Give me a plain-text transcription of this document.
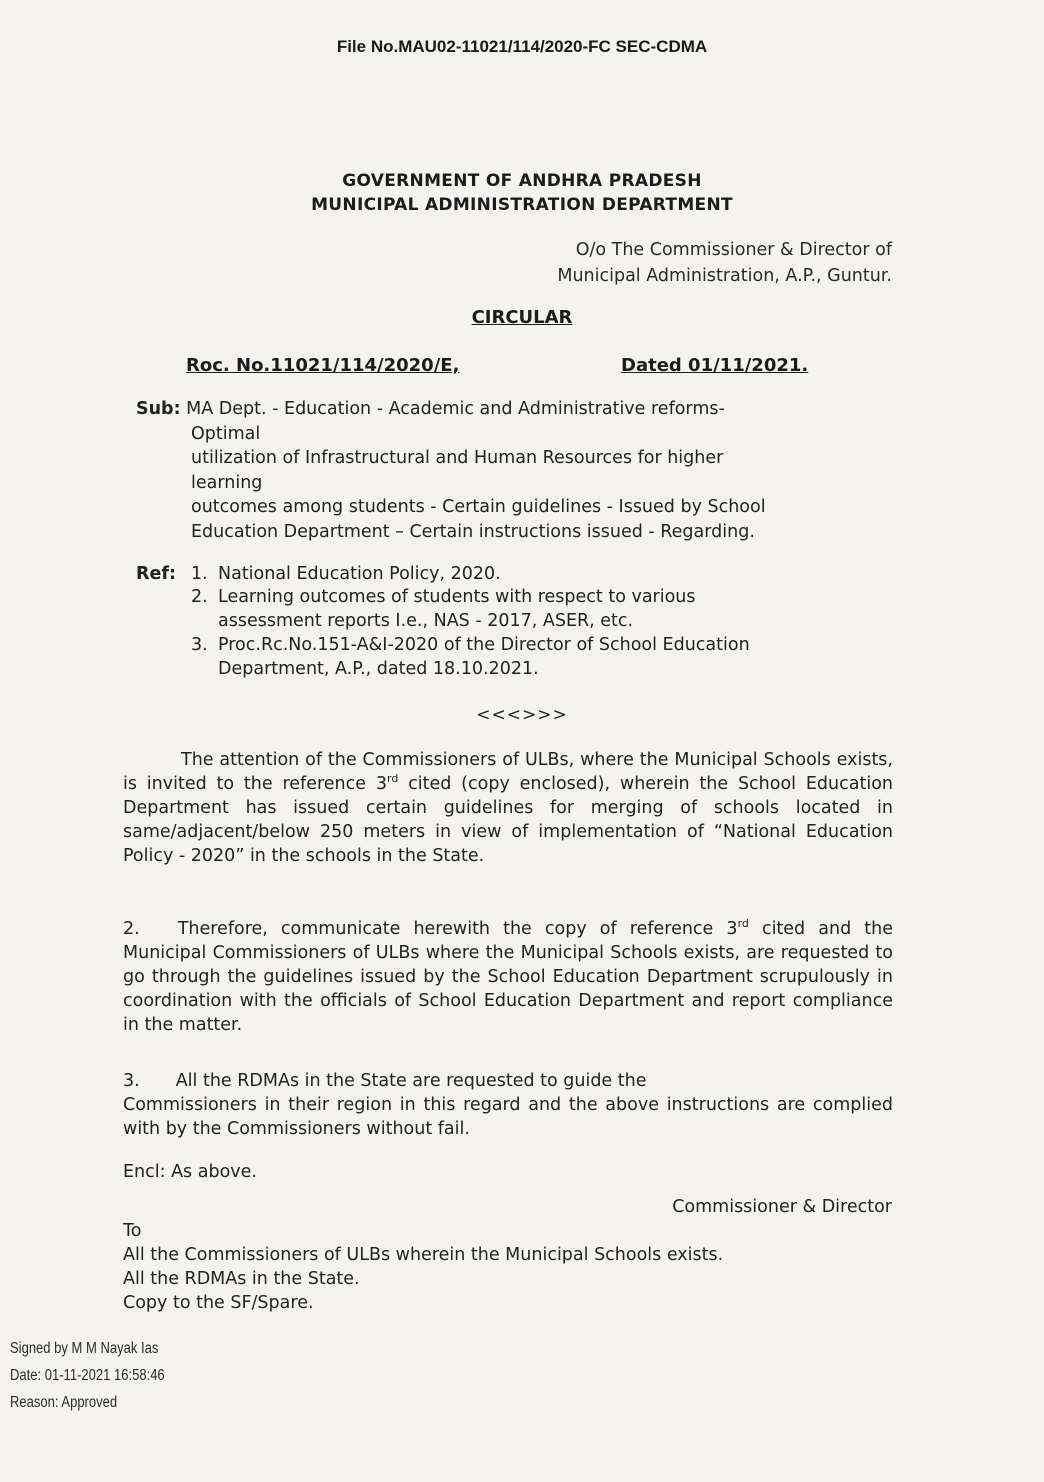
File No.MAU02-11021/114/2020-FC SEC-CDMA
GOVERNMENT OF ANDHRA PRADESH
MUNICIPAL ADMINISTRATION DEPARTMENT
O/o The Commissioner & Director of
Municipal Administration, A.P., Guntur.
CIRCULAR
Roc. No.11021/114/2020/E,	Dated 01/11/2021.
Sub: MA Dept. - Education - Academic and Administrative reforms-
Optimal
utilization of Infrastructural and Human Resources for higher
learning
outcomes among students - Certain guidelines - Issued by School
Education Department – Certain instructions issued - Regarding.
Ref: 1. National Education Policy, 2020.
2. Learning outcomes of students with respect to various
assessment reports I.e., NAS - 2017, ASER, etc.
3. Proc.Rc.No.151-A&I-2020 of the Director of School Education
Department, A.P., dated 18.10.2021.
<<<>>>

The attention of the Commissioners of ULBs, where the Municipal Schools exists, is invited to the reference 3rd cited (copy enclosed), wherein the School Education Department has issued certain guidelines for merging of schools located in same/adjacent/below 250 meters in view of implementation of “National Education Policy - 2020” in the schools in the State.

2. Therefore, communicate herewith the copy of reference 3rd cited and the Municipal Commissioners of ULBs where the Municipal Schools exists, are requested to go through the guidelines issued by the School Education Department scrupulously in coordination with the officials of School Education Department and report compliance in the matter.

3. All the RDMAs in the State are requested to guide the
Commissioners in their region in this regard and the above instructions are complied with by the Commissioners without fail.
Encl: As above.
Commissioner & Director
To
All the Commissioners of ULBs wherein the Municipal Schools exists.
All the RDMAs in the State.
Copy to the SF/Spare.
Signed by M M Nayak Ias
Date: 01-11-2021 16:58:46
Reason: Approved
